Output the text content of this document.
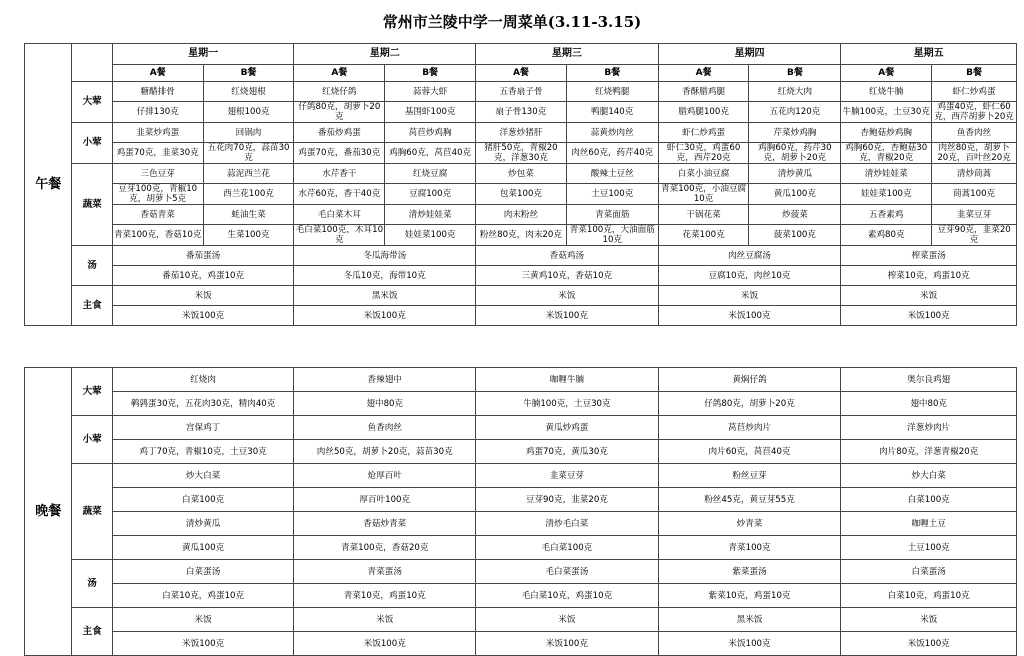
常州市兰陵中学一周菜单(3.11-3.15)
午餐		星期一		星期二		星期三		星期四		星期五	
		A餐	B餐	A餐	B餐	A餐	B餐	A餐	B餐	A餐	B餐
	大荤	糖醋排骨	红烧翅根	红烧仔鸽	蒜蓉大虾	五香扇子骨	红烧鸭腿	香酥腊鸡腿	红烧大肉	红烧牛腩	虾仁炒鸡蛋
		仔排130克	翅根100克	仔鸽80克，胡萝卜20克	基围虾100克	扇子骨130克	鸭腿140克	腊鸡腿100克	五花肉120克	牛腩100克，土豆30克	鸡蛋40克，虾仁60克，西芹胡萝卜20克
	小荤	韭菜炒鸡蛋	回锅肉	番茄炒鸡蛋	莴苣炒鸡胸	洋葱炒猪肝	蒜黄炒肉丝	虾仁炒鸡蛋	芹菜炒鸡胸	杏鲍菇炒鸡胸	鱼香肉丝
		鸡蛋70克，韭菜30克	五花肉70克，蒜苗30克	鸡蛋70克，番茄30克	鸡胸60克，莴苣40克	猪肝50克，青椒20克，洋葱30克	肉丝60克，药芹40克	虾仁30克，鸡蛋60克，西芹20克	鸡胸60克，药芹30克，胡萝卜20克	鸡胸60克，杏鲍菇30克，青椒20克	肉丝80克，胡萝卜20克，百叶丝20克
	蔬菜	三色豆芽	蒜泥西兰花	水芹香干	红烧豆腐	炒包菜	酸辣土豆丝	白菜小油豆腐	清炒黄瓜	清炒娃娃菜	清炒茼蒿
		豆芽100克，青椒10克，胡萝卜5克	西兰花100克	水芹60克，香干40克	豆腐100克	包菜100克	土豆100克	青菜100克，小油豆腐10克	黄瓜100克	娃娃菜100克	茼蒿100克
		香菇青菜	蚝油生菜	毛白菜木耳	清炒娃娃菜	肉末粉丝	青菜面筋	干锅花菜	炒菠菜	五香素鸡	韭菜豆芽
		青菜100克，香菇10克	生菜100克	毛白菜100克，木耳10克	娃娃菜100克	粉丝80克，肉末20克	青菜100克，大油面筋10克	花菜100克	菠菜100克	素鸡80克	豆芽90克，韭菜20克
	汤	番茄蛋汤		冬瓜海带汤		香菇鸡汤		肉丝豆腐汤		榨菜蛋汤	
		番茄10克，鸡蛋10克		冬瓜10克，海带10克		三黄鸡10克，香菇10克		豆腐10克，肉丝10克		榨菜10克，鸡蛋10克	
	主食	米饭		黑米饭		米饭		米饭		米饭	
		米饭100克		米饭100克		米饭100克		米饭100克		米饭100克	
晚餐	大荤	红烧肉	香辣翅中	咖喱牛腩	黄焖仔鸽	奥尔良鸡翅
		鹌鹑蛋30克，五花肉30克，精肉40克	翅中80克	牛腩100克，土豆30克	仔鸽80克，胡萝卜20克	翅中80克
	小荤	宫保鸡丁	鱼香肉丝	黄瓜炒鸡蛋	莴苣炒肉片	洋葱炒肉片
		鸡丁70克，青椒10克，土豆30克	肉丝50克，胡萝卜20克，蒜苗30克	鸡蛋70克，黄瓜30克	肉片60克，莴苣40克	肉片80克，洋葱青椒20克
	蔬菜	炒大白菜	炝厚百叶	韭菜豆芽	粉丝豆芽	炒大白菜
		白菜100克	厚百叶100克	豆芽90克，韭菜20克	粉丝45克，黄豆芽55克	白菜100克
		清炒黄瓜	香菇炒青菜	清炒毛白菜	炒青菜	咖喱土豆
		黄瓜100克	青菜100克，香菇20克	毛白菜100克	青菜100克	土豆100克
	汤	白菜蛋汤	青菜蛋汤	毛白菜蛋汤	紫菜蛋汤	白菜蛋汤
		白菜10克，鸡蛋10克	青菜10克，鸡蛋10克	毛白菜10克，鸡蛋10克	紫菜10克，鸡蛋10克	白菜10克，鸡蛋10克
	主食	米饭	米饭	米饭	黑米饭	米饭
		米饭100克	米饭100克	米饭100克	米饭100克	米饭100克
